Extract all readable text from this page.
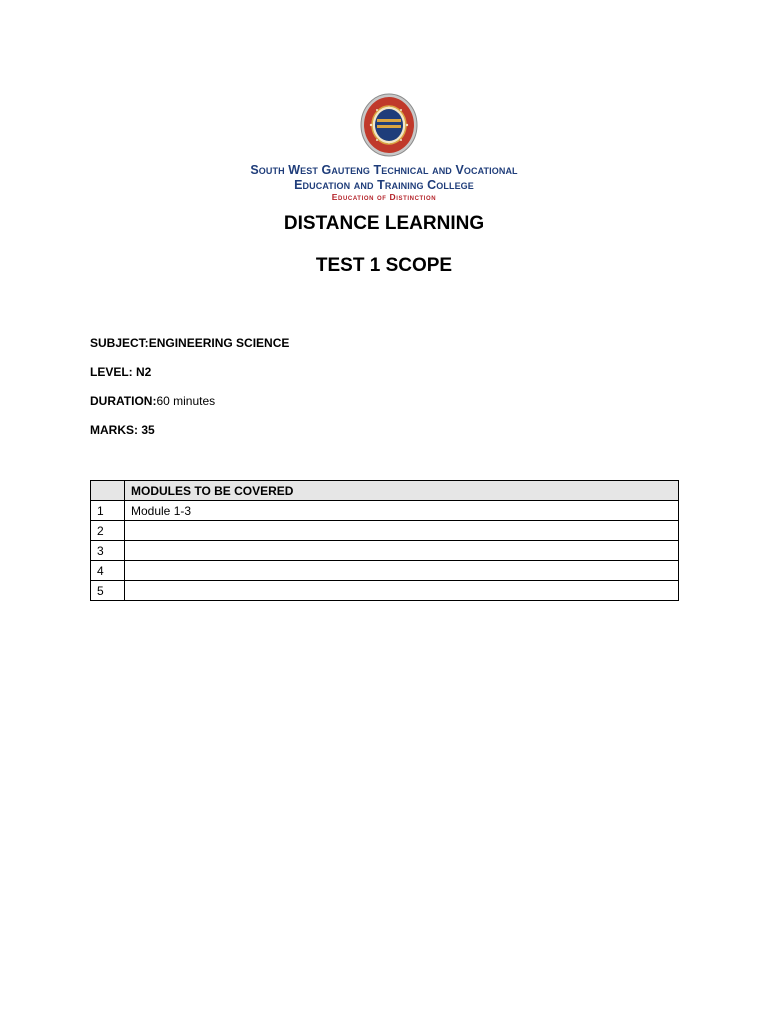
South West Gauteng Technical and Vocational
Education and Training College
Education of Distinction
DISTANCE LEARNING
TEST 1 SCOPE
SUBJECT:ENGINEERING SCIENCE
LEVEL: N2
DURATION:60 minutes
MARKS: 35
	MODULES TO BE COVERED
1	Module 1-3
2	
3	
4	
5	
